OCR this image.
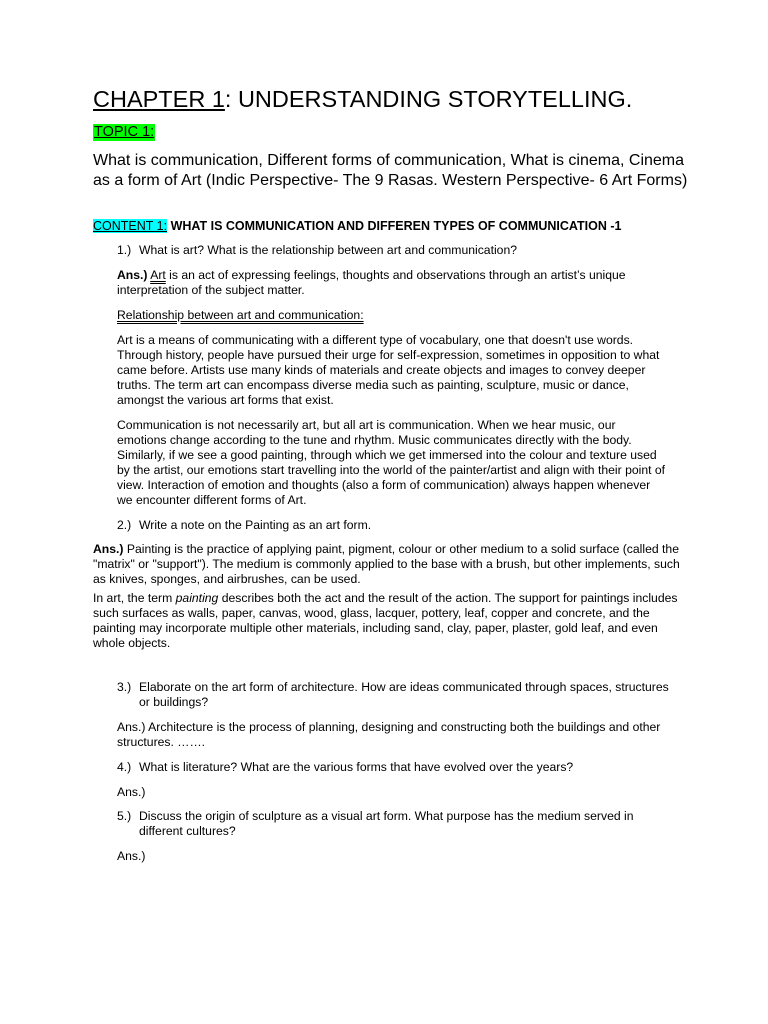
CHAPTER 1: UNDERSTANDING STORYTELLING.
TOPIC 1:
What is communication, Different forms of communication, What is cinema, Cinema as a form of Art (Indic Perspective- The 9 Rasas. Western Perspective- 6 Art Forms)
CONTENT 1: WHAT IS COMMUNICATION AND DIFFEREN TYPES OF COMMUNICATION -1
1.) What is art? What is the relationship between art and communication?
Ans.) Art is an act of expressing feelings, thoughts and observations through an artist’s unique interpretation of the subject matter.
Relationship between art and communication:
Art is a means of communicating with a different type of vocabulary, one that doesn't use words. Through history, people have pursued their urge for self-expression, sometimes in opposition to what came before. Artists use many kinds of materials and create objects and images to convey deeper truths. The term art can encompass diverse media such as painting, sculpture, music or dance, amongst the various art forms that exist.
Communication is not necessarily art, but all art is communication. When we hear music, our emotions change according to the tune and rhythm. Music communicates directly with the body. Similarly, if we see a good painting, through which we get immersed into the colour and texture used by the artist, our emotions start travelling into the world of the painter/artist and align with their point of view. Interaction of emotion and thoughts (also a form of communication) always happen whenever we encounter different forms of Art.
2.) Write a note on the Painting as an art form.
Ans.) Painting is the practice of applying paint, pigment, colour or other medium to a solid surface (called the "matrix" or "support"). The medium is commonly applied to the base with a brush, but other implements, such as knives, sponges, and airbrushes, can be used.
In art, the term painting describes both the act and the result of the action. The support for paintings includes such surfaces as walls, paper, canvas, wood, glass, lacquer, pottery, leaf, copper and concrete, and the painting may incorporate multiple other materials, including sand, clay, paper, plaster, gold leaf, and even whole objects.
3.) Elaborate on the art form of architecture. How are ideas communicated through spaces, structures or buildings?
Ans.) Architecture is the process of planning, designing and constructing both the buildings and other structures. …….
4.) What is literature? What are the various forms that have evolved over the years?
Ans.)
5.) Discuss the origin of sculpture as a visual art form. What purpose has the medium served in different cultures?
Ans.)
